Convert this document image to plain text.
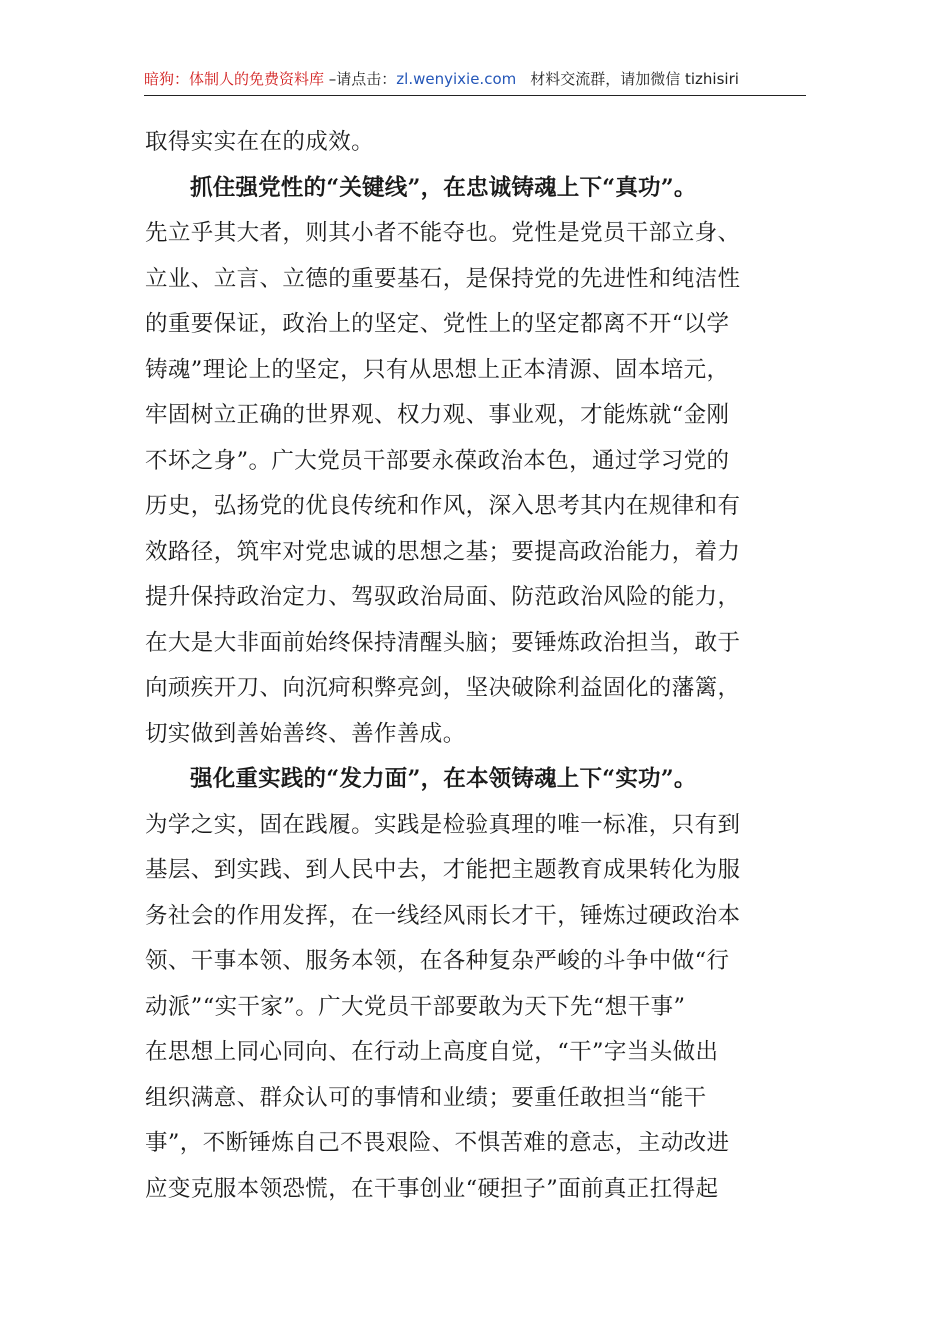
暗狗：体制人的免费资料库 –请点击：zl.wenyixie.com 材料交流群，请加微信 tizhisiri
取得实实在在的成效。
抓住强党性的“关键线”，在忠诚铸魂上下“真功”。
先立乎其大者，则其小者不能夺也。党性是党员干部立身、
立业、立言、立德的重要基石，是保持党的先进性和纯洁性
的重要保证，政治上的坚定、党性上的坚定都离不开“以学
铸魂”理论上的坚定，只有从思想上正本清源、固本培元，
牢固树立正确的世界观、权力观、事业观，才能炼就“金刚
不坏之身”。广大党员干部要永葆政治本色，通过学习党的
历史，弘扬党的优良传统和作风，深入思考其内在规律和有
效路径，筑牢对党忠诚的思想之基；要提高政治能力，着力
提升保持政治定力、驾驭政治局面、防范政治风险的能力，
在大是大非面前始终保持清醒头脑；要锤炼政治担当，敢于
向顽疾开刀、向沉疴积弊亮剑，坚决破除利益固化的藩篱，
切实做到善始善终、善作善成。
强化重实践的“发力面”，在本领铸魂上下“实功”。
为学之实，固在践履。实践是检验真理的唯一标准，只有到
基层、到实践、到人民中去，才能把主题教育成果转化为服
务社会的作用发挥，在一线经风雨长才干，锤炼过硬政治本
领、干事本领、服务本领，在各种复杂严峻的斗争中做“行
动派”“实干家”。广大党员干部要敢为天下先“想干事”
在思想上同心同向、在行动上高度自觉，“干”字当头做出
组织满意、群众认可的事情和业绩；要重任敢担当“能干
事”，不断锤炼自己不畏艰险、不惧苦难的意志，主动改进
应变克服本领恐慌，在干事创业“硬担子”面前真正扛得起
